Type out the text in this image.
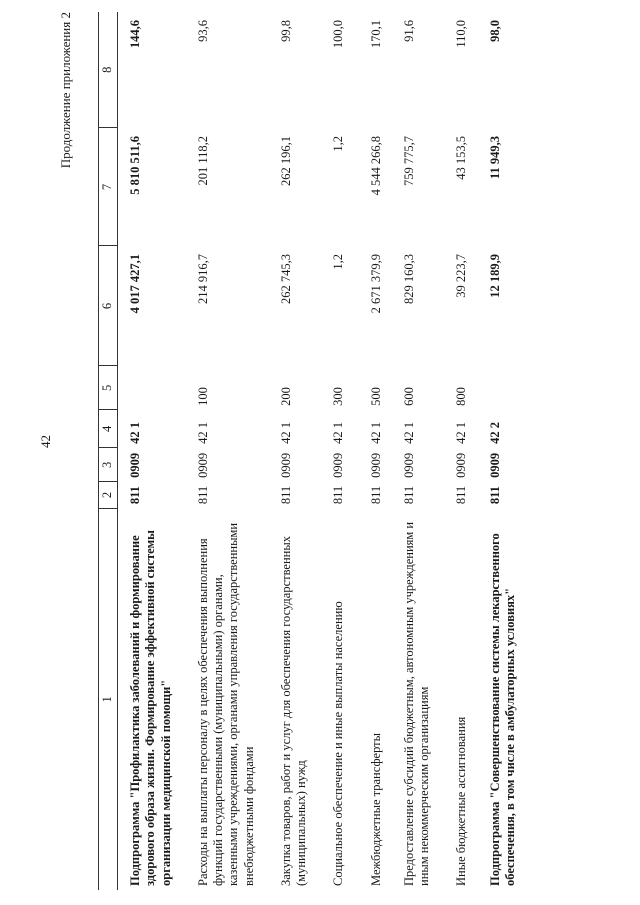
Продолжение приложения 2
1	2	3	4	5	6	7	8
Подпрограмма "Профилактика заболеваний и формирование здорового образа жизни. Формирование эффективной системы организации медицинской помощи"	811	0909	42 1		4 017 427,1	5 810 511,6	144,6
Расходы на выплаты персоналу в целях обеспечения выполнения функций государственными (муниципальными) органами, казенными учреждениями, органами управления государственными внебюджетными фондами	811	0909	42 1	100	214 916,7	201 118,2	93,6
Закупка товаров, работ и услуг для обеспечения государственных (муниципальных) нужд	811	0909	42 1	200	262 745,3	262 196,1	99,8
Социальное обеспечение и иные выплаты населению	811	0909	42 1	300	1,2	1,2	100,0
Межбюджетные трансферты	811	0909	42 1	500	2 671 379,9	4 544 266,8	170,1
Предоставление субсидий бюджетным, автономным учреждениям и иным некоммерческим организациям	811	0909	42 1	600	829 160,3	759 775,7	91,6
Иные бюджетные ассигнования	811	0909	42 1	800	39 223,7	43 153,5	110,0
Подпрограмма "Совершенствование системы лекарственного обеспечения, в том числе в амбулаторных условиях"	811	0909	42 2		12 189,9	11 949,3	98,0
42
